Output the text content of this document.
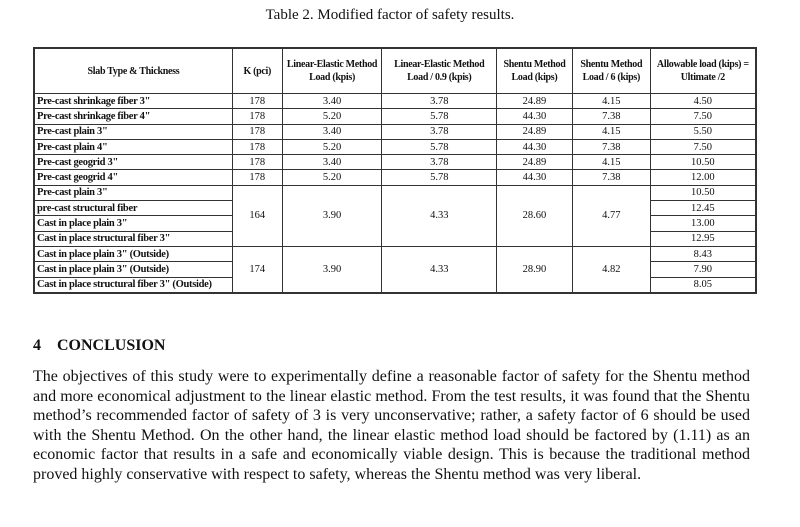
Table 2. Modified factor of safety results.
Slab Type & Thickness	K (pci)	Linear-Elastic Method Load (kpis)	Linear-Elastic Method Load / 0.9 (kpis)	Shentu Method Load (kips)	Shentu Method Load / 6 (kips)	Allowable load (kips) = Ultimate /2
Pre-cast shrinkage fiber 3"	178	3.40	3.78	24.89	4.15	4.50
Pre-cast shrinkage fiber 4"	178	5.20	5.78	44.30	7.38	7.50
Pre-cast plain 3"	178	3.40	3.78	24.89	4.15	5.50
Pre-cast plain 4"	178	5.20	5.78	44.30	7.38	7.50
Pre-cast geogrid 3"	178	3.40	3.78	24.89	4.15	10.50
Pre-cast geogrid 4"	178	5.20	5.78	44.30	7.38	12.00
Pre-cast plain 3"	164	3.90	4.33	28.60	4.77	10.50
pre-cast structural fiber						12.45
Cast in place plain 3"						13.00
Cast in place structural fiber 3"						12.95
Cast in place plain 3" (Outside)	174	3.90	4.33	28.90	4.82	8.43
Cast in place plain 3" (Outside)						7.90
Cast in place structural fiber 3" (Outside)						8.05
4 CONCLUSION
The objectives of this study were to experimentally define a reasonable factor of safety for the Shentu method and more economical adjustment to the linear elastic method. From the test results, it was found that the Shentu method’s recommended factor of safety of 3 is very unconservative; rather, a safety factor of 6 should be used with the Shentu Method. On the other hand, the linear elastic method load should be factored by (1.11) as an economic factor that results in a safe and economically viable design. This is because the traditional method proved highly conservative with respect to safety, whereas the Shentu method was very liberal.
